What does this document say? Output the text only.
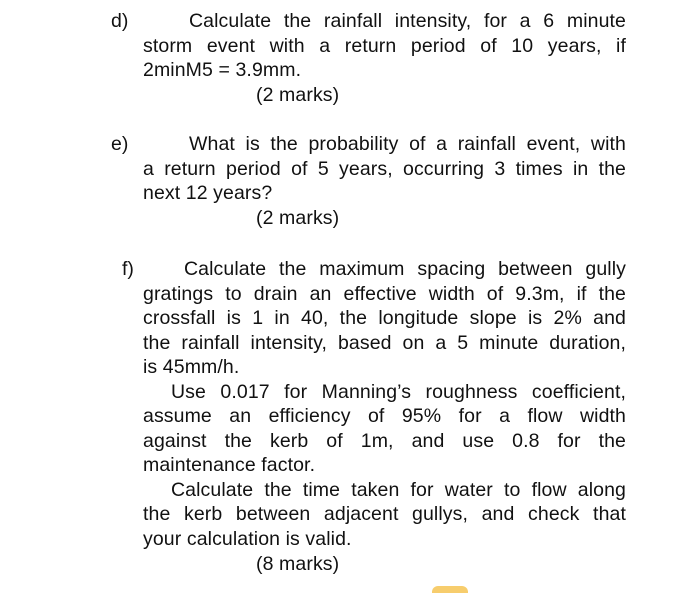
d)	Calculate the rainfall intensity, for a 6 minute
storm event with a return period of 10 years, if
2minM5 = 3.9mm.
(2 marks)
e)	What is the probability of a rainfall event, with
a return period of 5 years, occurring 3 times in the
next 12 years?
(2 marks)
f)	Calculate the maximum spacing between gully
gratings to drain an effective width of 9.3m, if the
crossfall is 1 in 40, the longitude slope is 2% and
the rainfall intensity, based on a 5 minute duration,
is 45mm/h.
Use 0.017 for Manning’s roughness coefficient,
assume an efficiency of 95% for a flow width
against the kerb of 1m, and use 0.8 for the
maintenance factor.
Calculate the time taken for water to flow along
the kerb between adjacent gullys, and check that
your calculation is valid.
(8 marks)
